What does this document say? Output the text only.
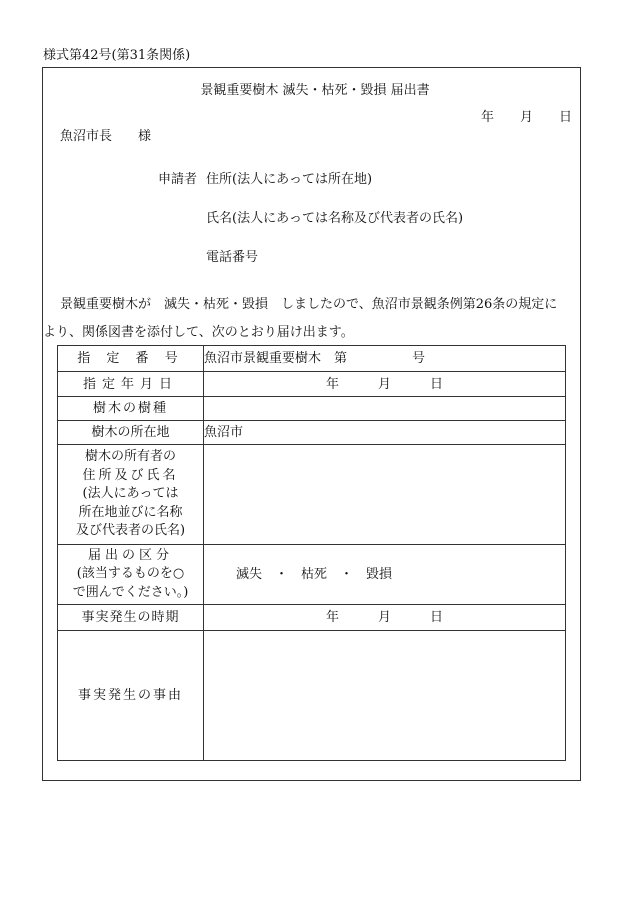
様式第42号(第31条関係)
景観重要樹木 滅失・枯死・毀損 届出書
年　　月　　日
魚沼市長　　様
申請者 住所(法人にあっては所在地)
氏名(法人にあっては名称及び代表者の氏名)
電話番号
景観重要樹木が　滅失・枯死・毀損　しましたので、魚沼市景観条例第26条の規定に
より、関係図書を添付して、次のとおり届け出ます。
指 定 番 号	魚沼市景観重要樹木　第　　　　　号
指定年月日	年　　　月　　　日
樹木の樹種	
樹木の所在地	魚沼市

樹木の所有者の
住所及び氏名
(法人にあっては
所在地並びに名称
及び代表者の氏名)	

届出の区分
(該当するものを○
で囲んでください。)	滅失　・　枯死　・　毀損
事実発生の時期	年　　　月　　　日
事実発生の事由	
